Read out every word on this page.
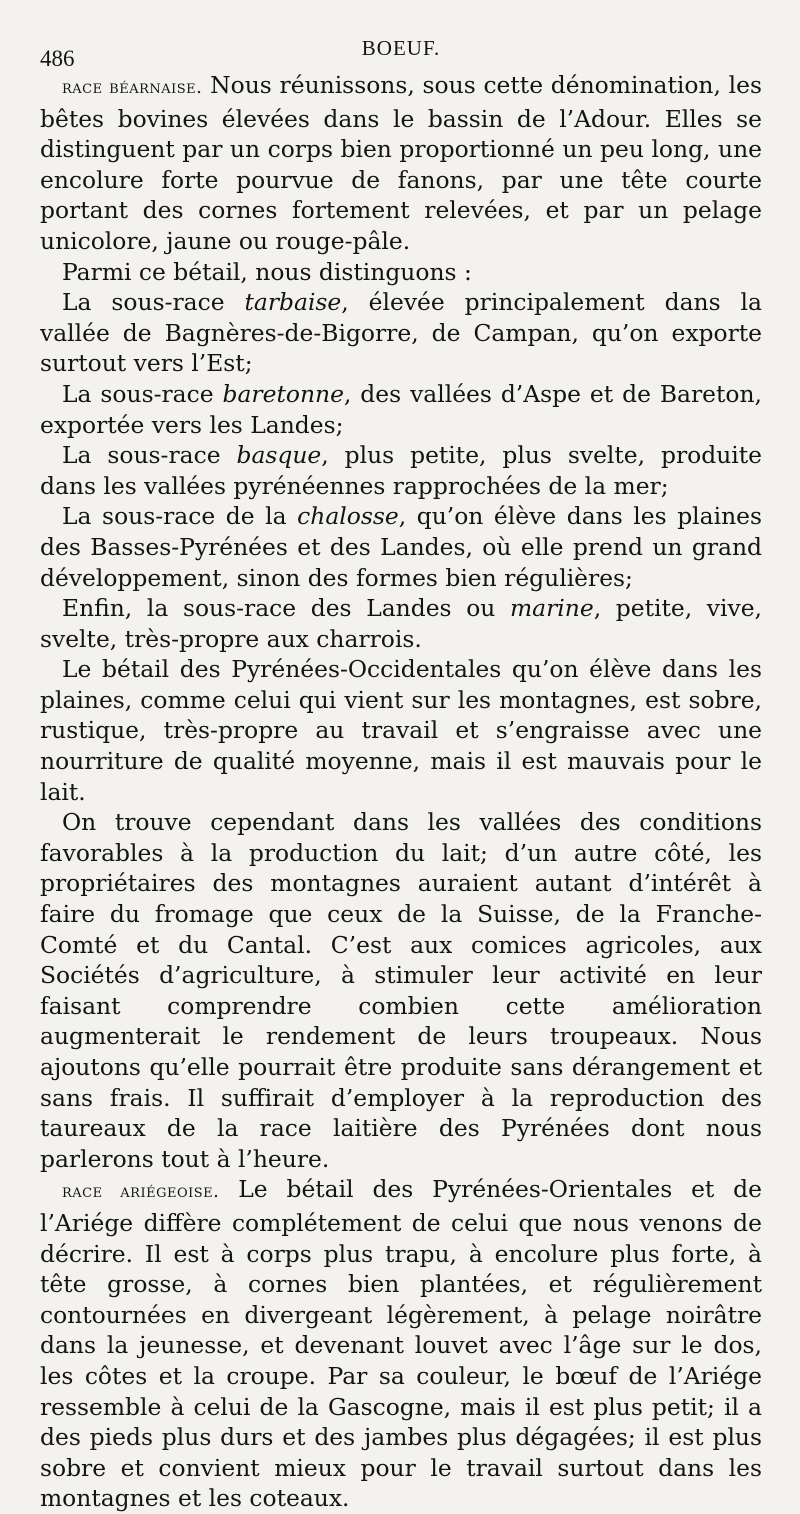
486	BOEUF.

race béarnaise. Nous réunissons, sous cette dénomination, les bêtes bovines élevées dans le bassin de l’Adour. Elles se distinguent par un corps bien proportionné un peu long, une encolure forte pourvue de fanons, par une tête courte portant des cornes fortement relevées, et par un pelage unicolore, jaune ou rouge-pâle.

Parmi ce bétail, nous distinguons :

La sous-race tarbaise, élevée principalement dans la vallée de Bagnères-de-Bigorre, de Campan, qu’on exporte surtout vers l’Est;

La sous-race baretonne, des vallées d’Aspe et de Bareton, exportée vers les Landes;

La sous-race basque, plus petite, plus svelte, produite dans les vallées pyrénéennes rapprochées de la mer;

La sous-race de la chalosse, qu’on élève dans les plaines des Basses-Pyrénées et des Landes, où elle prend un grand développement, sinon des formes bien régulières;

Enfin, la sous-race des Landes ou marine, petite, vive, svelte, très-propre aux charrois.

Le bétail des Pyrénées-Occidentales qu’on élève dans les plaines, comme celui qui vient sur les montagnes, est sobre, rustique, très-propre au travail et s’engraisse avec une nourriture de qualité moyenne, mais il est mauvais pour le lait.

On trouve cependant dans les vallées des conditions favorables à la production du lait; d’un autre côté, les propriétaires des montagnes auraient autant d’intérêt à faire du fromage que ceux de la Suisse, de la Franche-Comté et du Cantal. C’est aux comices agricoles, aux Sociétés d’agriculture, à stimuler leur activité en leur faisant comprendre combien cette amélioration augmenterait le rendement de leurs troupeaux. Nous ajoutons qu’elle pourrait être produite sans dérangement et sans frais. Il suffirait d’employer à la reproduction des taureaux de la race laitière des Pyrénées dont nous parlerons tout à l’heure.

race ariégeoise. Le bétail des Pyrénées-Orientales et de l’Ariége diffère complétement de celui que nous venons de décrire. Il est à corps plus trapu, à encolure plus forte, à tête grosse, à cornes bien plantées, et régulièrement contournées en divergeant légèrement, à pelage noirâtre dans la jeunesse, et devenant louvet avec l’âge sur le dos, les côtes et la croupe. Par sa couleur, le bœuf de l’Ariége ressemble à celui de la Gascogne, mais il est plus petit; il a des pieds plus durs et des jambes plus dégagées; il est plus sobre et convient mieux pour le travail surtout dans les montagnes et les coteaux.
